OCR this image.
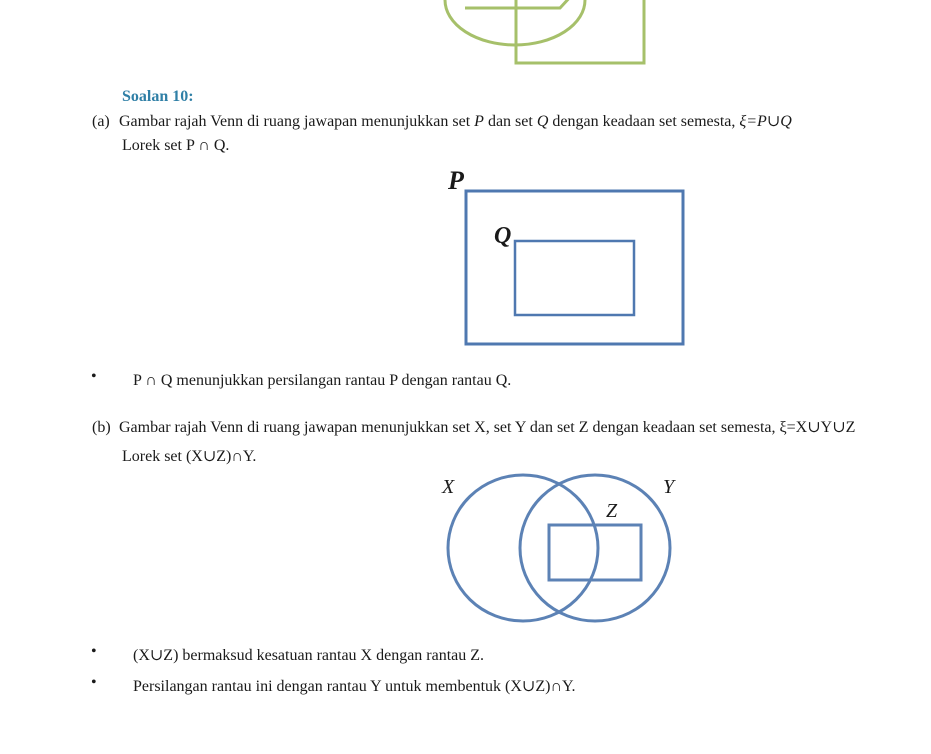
Soalan 10:
(a) Gambar rajah Venn di ruang jawapan menunjukkan set P dan set Q dengan keadaan set semesta, ξ=P∪Q
Lorek set P ∩ Q.
P
Q
• P ∩ Q menunjukkan persilangan rantau P dengan rantau Q.
(b) Gambar rajah Venn di ruang jawapan menunjukkan set X, set Y dan set Z dengan keadaan set semesta, ξ=X∪Y∪Z
Lorek set (X∪Z)∩Y.
X	Y
Z
• (X∪Z) bermaksud kesatuan rantau X dengan rantau Z.
• Persilangan rantau ini dengan rantau Y untuk membentuk (X∪Z)∩Y.
